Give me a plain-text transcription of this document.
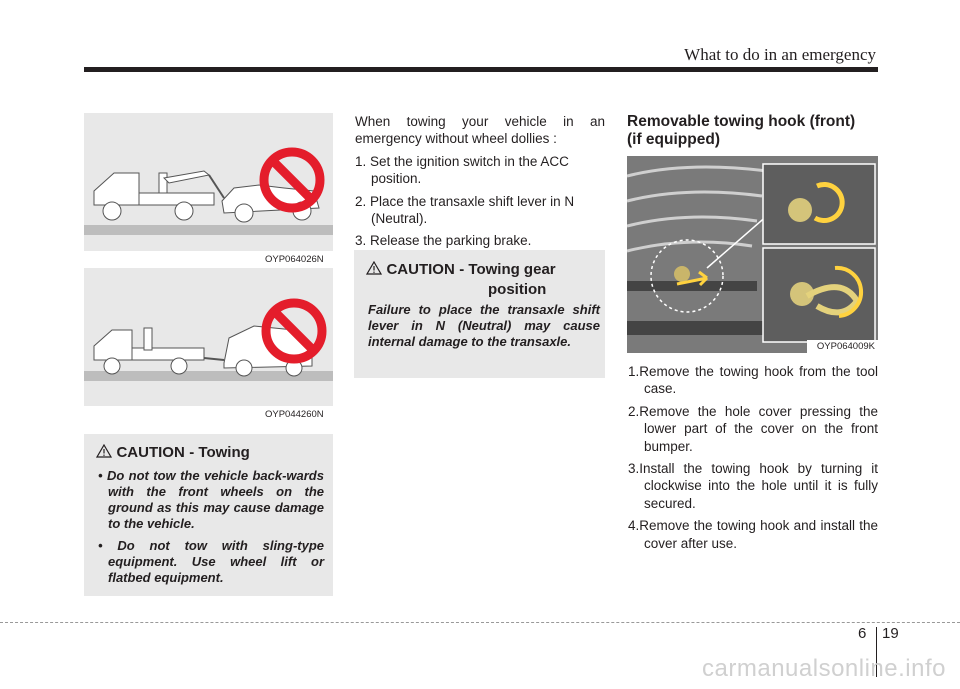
What to do in an emergency
OYP064026N
OYP044260N
CAUTION - Towing
• Do not tow the vehicle back-wards with the front wheels on the ground as this may cause damage to the vehicle.
• Do not tow with sling-type equipment. Use wheel lift or flatbed equipment.
When towing your vehicle in an emergency without wheel dollies :
1. Set the ignition switch in the ACC position.
2. Place the transaxle shift lever in N (Neutral).
3. Release the parking brake.
CAUTION - Towing gear
position
Failure to place the transaxle shift lever in N (Neutral) may cause internal damage to the transaxle.
Removable towing hook (front)
(if equipped)
OYP064009K
1.Remove the towing hook from the tool case.
2.Remove the hole cover pressing the lower part of the cover on the front bumper.
3.Install the towing hook by turning it clockwise into the hole until it is fully secured.
4.Remove the towing hook and install the cover after use.
6 19
carmanualsonline.info
